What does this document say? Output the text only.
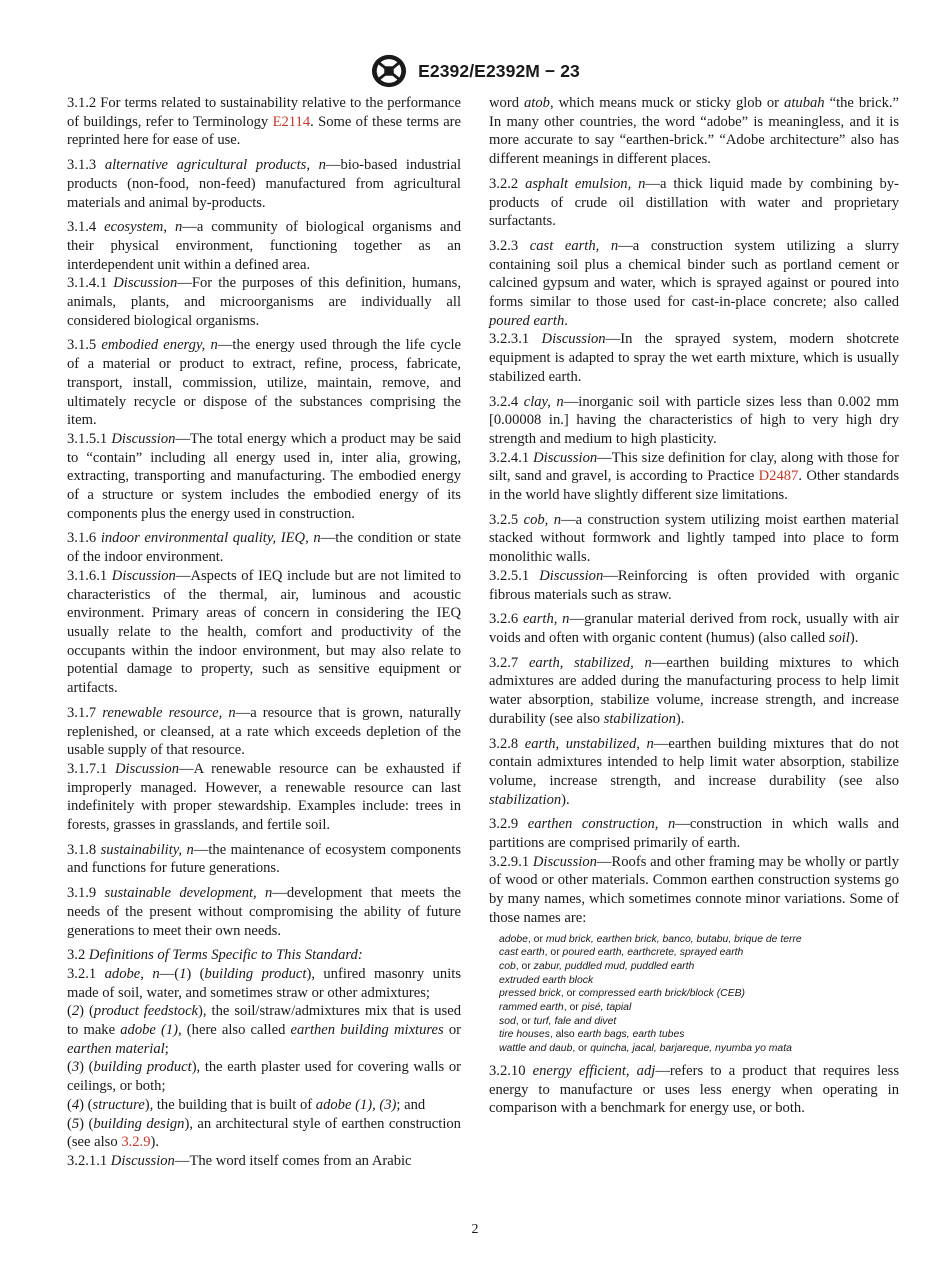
E2392/E2392M − 23

3.1.2 For terms related to sustainability relative to the performance of buildings, refer to Terminology E2114. Some of these terms are reprinted here for ease of use.

3.1.3 alternative agricultural products, n—bio-based industrial products (non-food, non-feed) manufactured from agricultural materials and animal by-products.

3.1.4 ecosystem, n—a community of biological organisms and their physical environment, functioning together as an interdependent unit within a defined area.

3.1.4.1 Discussion—For the purposes of this definition, humans, animals, plants, and microorganisms are individually all considered biological organisms.

3.1.5 embodied energy, n—the energy used through the life cycle of a material or product to extract, refine, process, fabricate, transport, install, commission, utilize, maintain, remove, and ultimately recycle or dispose of the substances comprising the item.

3.1.5.1 Discussion—The total energy which a product may be said to “contain” including all energy used in, inter alia, growing, extracting, transporting and manufacturing. The embodied energy of a structure or system includes the embodied energy of its components plus the energy used in construction.

3.1.6 indoor environmental quality, IEQ, n—the condition or state of the indoor environment.

3.1.6.1 Discussion—Aspects of IEQ include but are not limited to characteristics of the thermal, air, luminous and acoustic environment. Primary areas of concern in considering the IEQ usually relate to the health, comfort and productivity of the occupants within the indoor environment, but may also relate to potential damage to property, such as sensitive equipment or artifacts.

3.1.7 renewable resource, n—a resource that is grown, naturally replenished, or cleansed, at a rate which exceeds depletion of the usable supply of that resource.

3.1.7.1 Discussion—A renewable resource can be exhausted if improperly managed. However, a renewable resource can last indefinitely with proper stewardship. Examples include: trees in forests, grasses in grasslands, and fertile soil.

3.1.8 sustainability, n—the maintenance of ecosystem components and functions for future generations.

3.1.9 sustainable development, n—development that meets the needs of the present without compromising the ability of future generations to meet their own needs.

3.2 Definitions of Terms Specific to This Standard:

3.2.1 adobe, n—(1) (building product), unfired masonry units made of soil, water, and sometimes straw or other admixtures;

(2) (product feedstock), the soil/straw/admixtures mix that is used to make adobe (1), (here also called earthen building mixtures or earthen material;

(3) (building product), the earth plaster used for covering walls or ceilings, or both;

(4) (structure), the building that is built of adobe (1), (3); and

(5) (building design), an architectural style of earthen construction (see also 3.2.9).

3.2.1.1 Discussion—The word itself comes from an Arabic

word atob, which means muck or sticky glob or atubah “the brick.” In many other countries, the word “adobe” is meaningless, and it is more accurate to say “earthen-brick.” “Adobe architecture” also has different meanings in different places.

3.2.2 asphalt emulsion, n—a thick liquid made by combining by-products of crude oil distillation with water and proprietary surfactants.

3.2.3 cast earth, n—a construction system utilizing a slurry containing soil plus a chemical binder such as portland cement or calcined gypsum and water, which is sprayed against or poured into forms similar to those used for cast-in-place concrete; also called poured earth.

3.2.3.1 Discussion—In the sprayed system, modern shotcrete equipment is adapted to spray the wet earth mixture, which is usually stabilized earth.

3.2.4 clay, n—inorganic soil with particle sizes less than 0.002 mm [0.00008 in.] having the characteristics of high to very high dry strength and medium to high plasticity.

3.2.4.1 Discussion—This size definition for clay, along with those for silt, sand and gravel, is according to Practice D2487. Other standards in the world have slightly different size limitations.

3.2.5 cob, n—a construction system utilizing moist earthen material stacked without formwork and lightly tamped into place to form monolithic walls.

3.2.5.1 Discussion—Reinforcing is often provided with organic fibrous materials such as straw.

3.2.6 earth, n—granular material derived from rock, usually with air voids and often with organic content (humus) (also called soil).

3.2.7 earth, stabilized, n—earthen building mixtures to which admixtures are added during the manufacturing process to help limit water absorption, stabilize volume, increase strength, and increase durability (see also stabilization).

3.2.8 earth, unstabilized, n—earthen building mixtures that do not contain admixtures intended to help limit water absorption, stabilize volume, increase strength, and increase durability (see also stabilization).

3.2.9 earthen construction, n—construction in which walls and partitions are comprised primarily of earth.

3.2.9.1 Discussion—Roofs and other framing may be wholly or partly of wood or other materials. Common earthen construction systems go by many names, which sometimes connote minor variations. Some of those names are:

adobe, or mud brick, earthen brick, banco, butabu, brique de terre
cast earth, or poured earth, earthcrete, sprayed earth
cob, or zabur, puddled mud, puddled earth
extruded earth block
pressed brick, or compressed earth brick/block (CEB)
rammed earth, or pisé, tapial
sod, or turf, fale and divet
tire houses, also earth bags, earth tubes
wattle and daub, or quincha, jacal, barjareque, nyumba yo mata

3.2.10 energy efficient, adj—refers to a product that requires less energy to manufacture or uses less energy when operating in comparison with a benchmark for energy use, or both.

2
